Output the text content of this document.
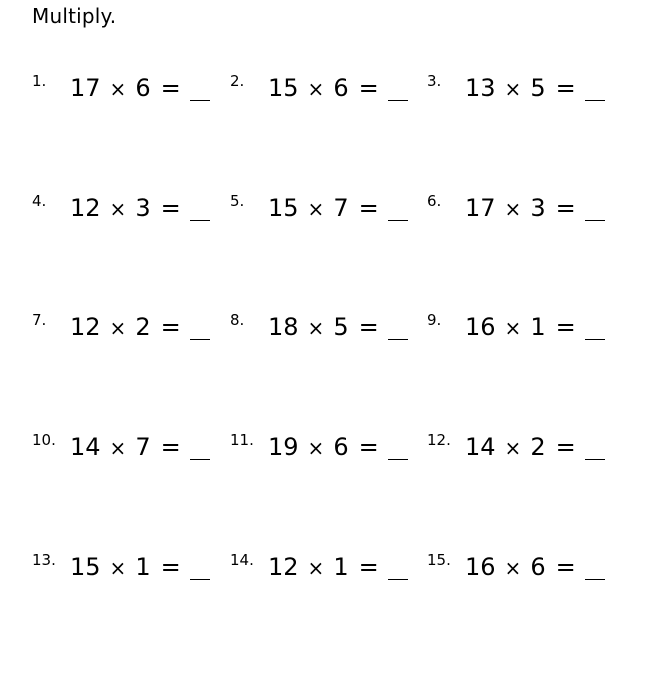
Multiply.
1. 17 × 6 =	2. 15 × 6 =	3. 13 × 5 =
4. 12 × 3 =	5. 15 × 7 =	6. 17 × 3 =
7. 12 × 2 =	8. 18 × 5 =	9. 16 × 1 =
10. 14 × 7 =	11. 19 × 6 =	12. 14 × 2 =
13. 15 × 1 =	14. 12 × 1 =	15. 16 × 6 =
